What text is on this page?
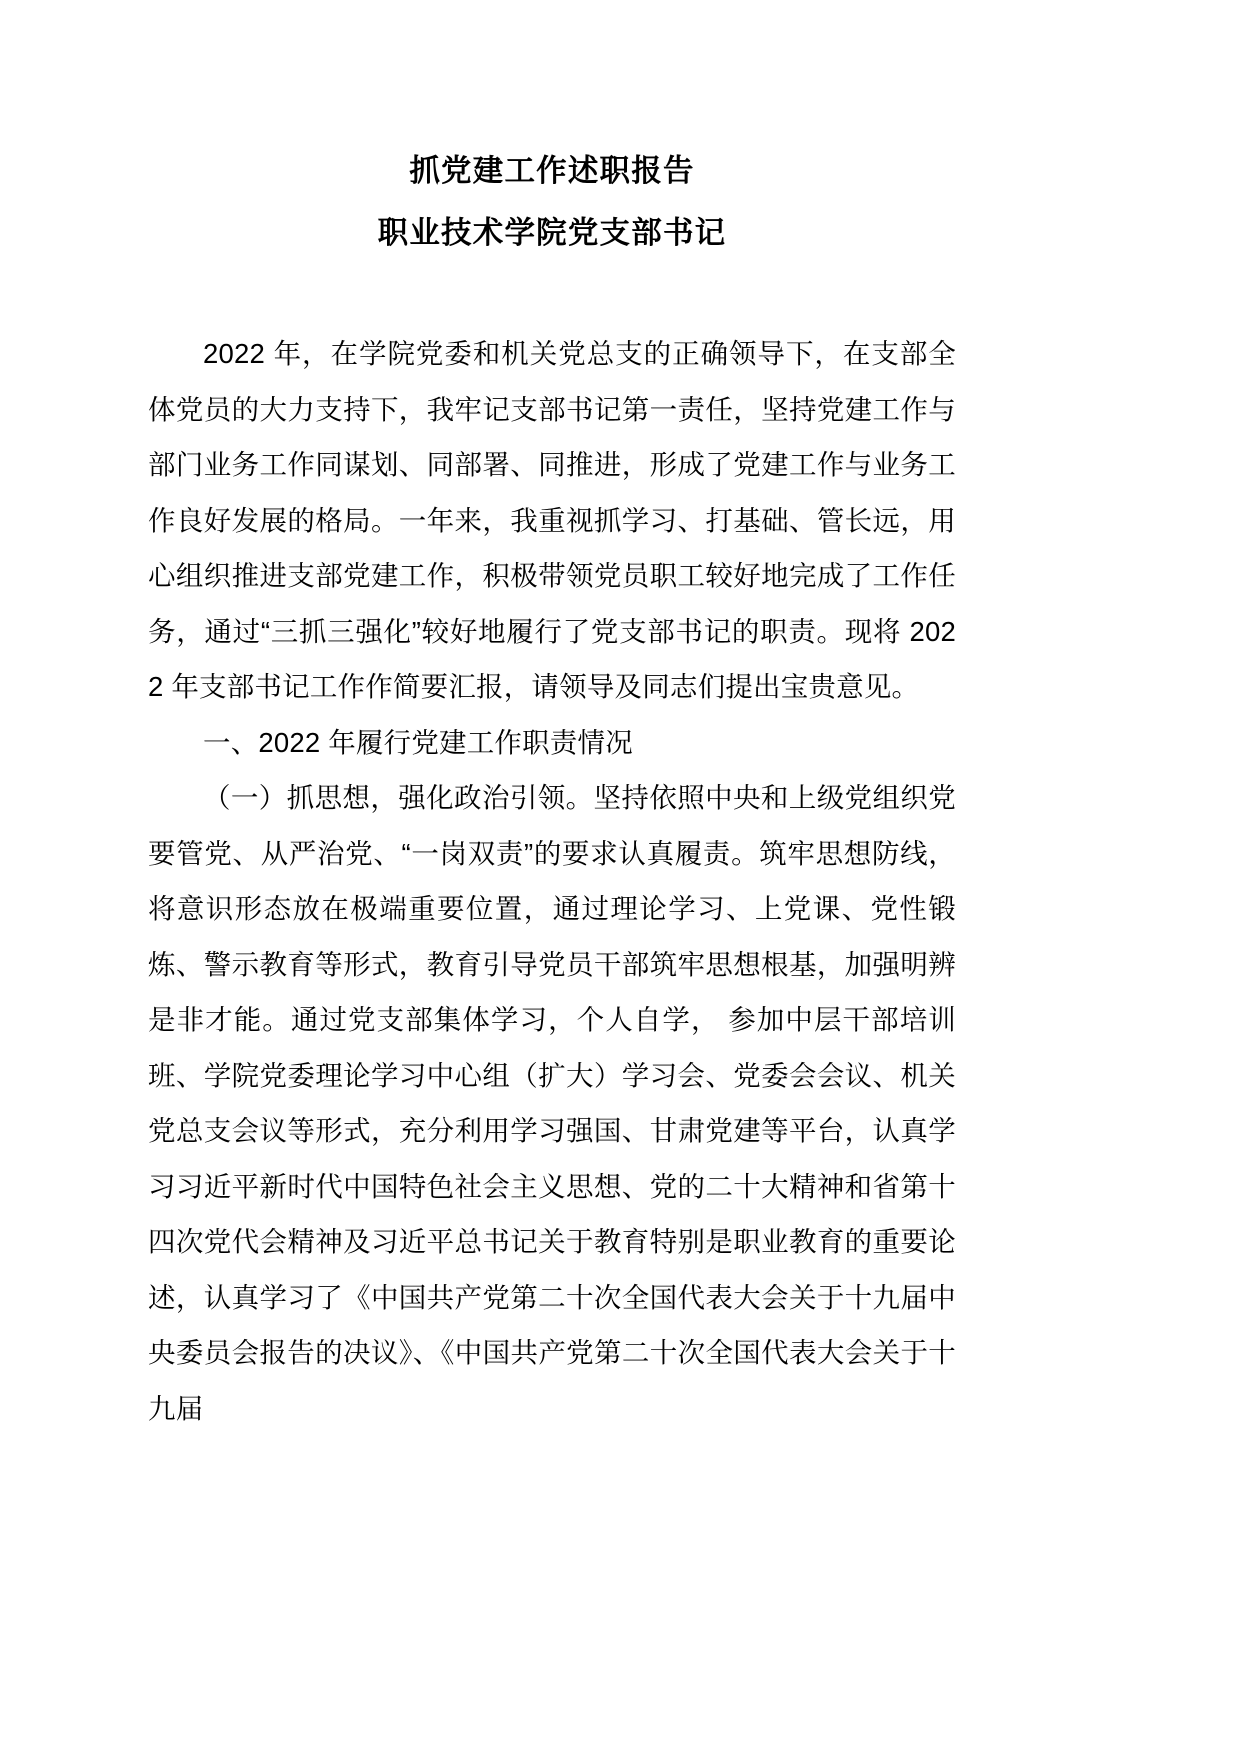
抓党建工作述职报告
职业技术学院党支部书记

2022 年，在学院党委和机关党总支的正确领导下，在支部全体党员的大力支持下，我牢记支部书记第一责任，坚持党建工作与部门业务工作同谋划、同部署、同推进，形成了党建工作与业务工作良好发展的格局。一年来，我重视抓学习、打基础、管长远，用心组织推进支部党建工作，积极带领党员职工较好地完成了工作任务，通过“三抓三强化”较好地履行了党支部书记的职责。现将 2022 年支部书记工作作简要汇报，请领导及同志们提出宝贵意见。

一、2022 年履行党建工作职责情况

（一）抓思想，强化政治引领。坚持依照中央和上级党组织党要管党、从严治党、“一岗双责”的要求认真履责。筑牢思想防线，将意识形态放在极端重要位置，通过理论学习、上党课、党性锻炼、警示教育等形式，教育引导党员干部筑牢思想根基，加强明辨是非才能。通过党支部集体学习，个人自学， 参加中层干部培训班、学院党委理论学习中心组（扩大）学习会、党委会会议、机关党总支会议等形式，充分利用学习强国、甘肃党建等平台，认真学习习近平新时代中国特色社会主义思想、党的二十大精神和省第十四次党代会精神及习近平总书记关于教育特别是职业教育的重要论述，认真学习了《中国共产党第二十次全国代表大会关于十九届中央委员会报告的决议》、《中国共产党第二十次全国代表大会关于十九届
